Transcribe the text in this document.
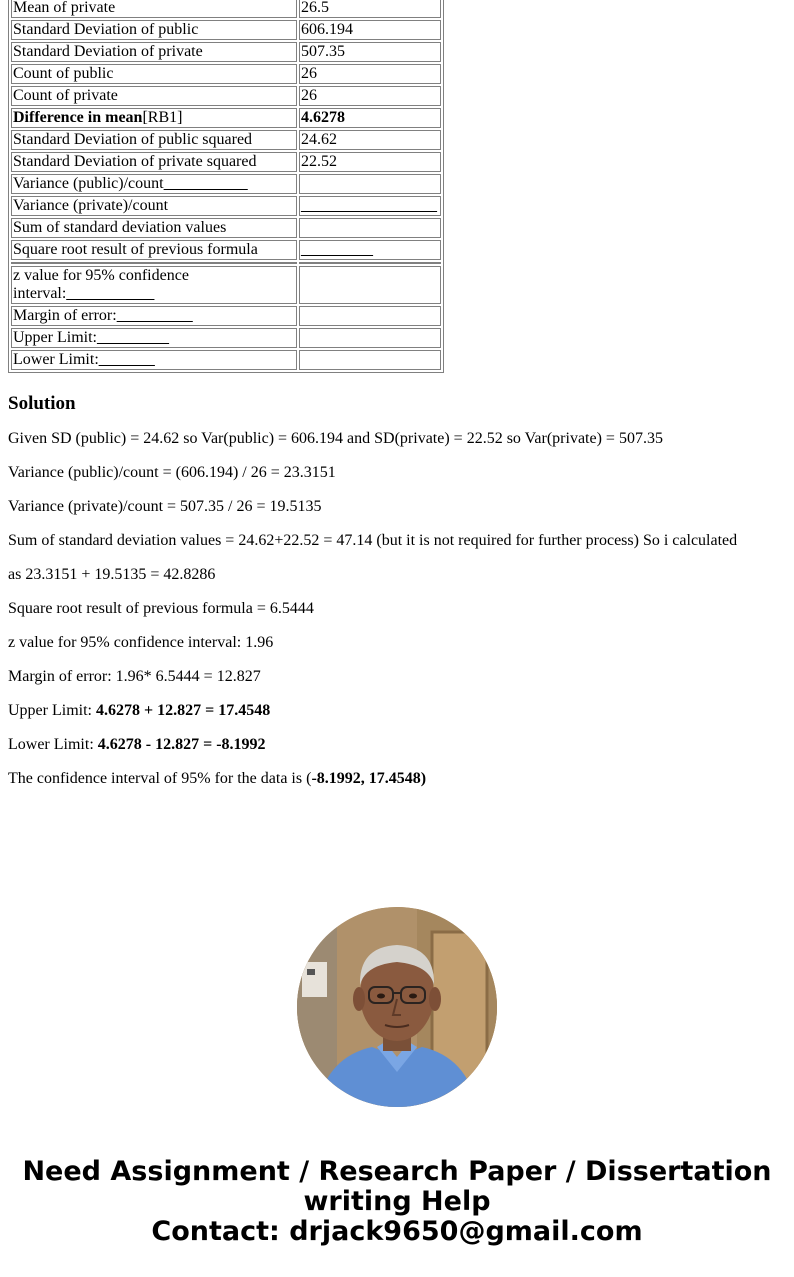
Mean of private	26.5
Standard Deviation of public	606.194
Standard Deviation of private	507.35
Count of public	26
Count of private	26
Difference in mean[RB1]	4.6278
Standard Deviation of public squared	24.62
Standard Deviation of private squared	22.52
Variance (public)/count __________	
Variance (private)/count	_________________
Sum of standard deviation values	
Square root result of previous formula	_________

z value for 95% confidence interval:___________	
Margin of error: _________	
Upper Limit:_________	
Lower Limit:_______	
Solution

Given SD (public) = 24.62 so Var(public) = 606.194 and SD(private) = 22.52 so Var(private) = 507.35

Variance (public)/count = (606.194) / 26 = 23.3151

Variance (private)/count = 507.35 / 26 = 19.5135

Sum of standard deviation values = 24.62+22.52 = 47.14 (but it is not required for further process) So i calculated

as 23.3151 + 19.5135 = 42.8286

Square root result of previous formula = 6.5444

z value for 95% confidence interval: 1.96

Margin of error: 1.96* 6.5444 = 12.827

Upper Limit: 4.6278 + 12.827 = 17.4548

Lower Limit: 4.6278 - 12.827 = -8.1992

The confidence interval of 95% for the data is (-8.1992, 17.4548)

Need Assignment / Research Paper / Dissertation
writing Help
Contact: drjack9650@gmail.com
